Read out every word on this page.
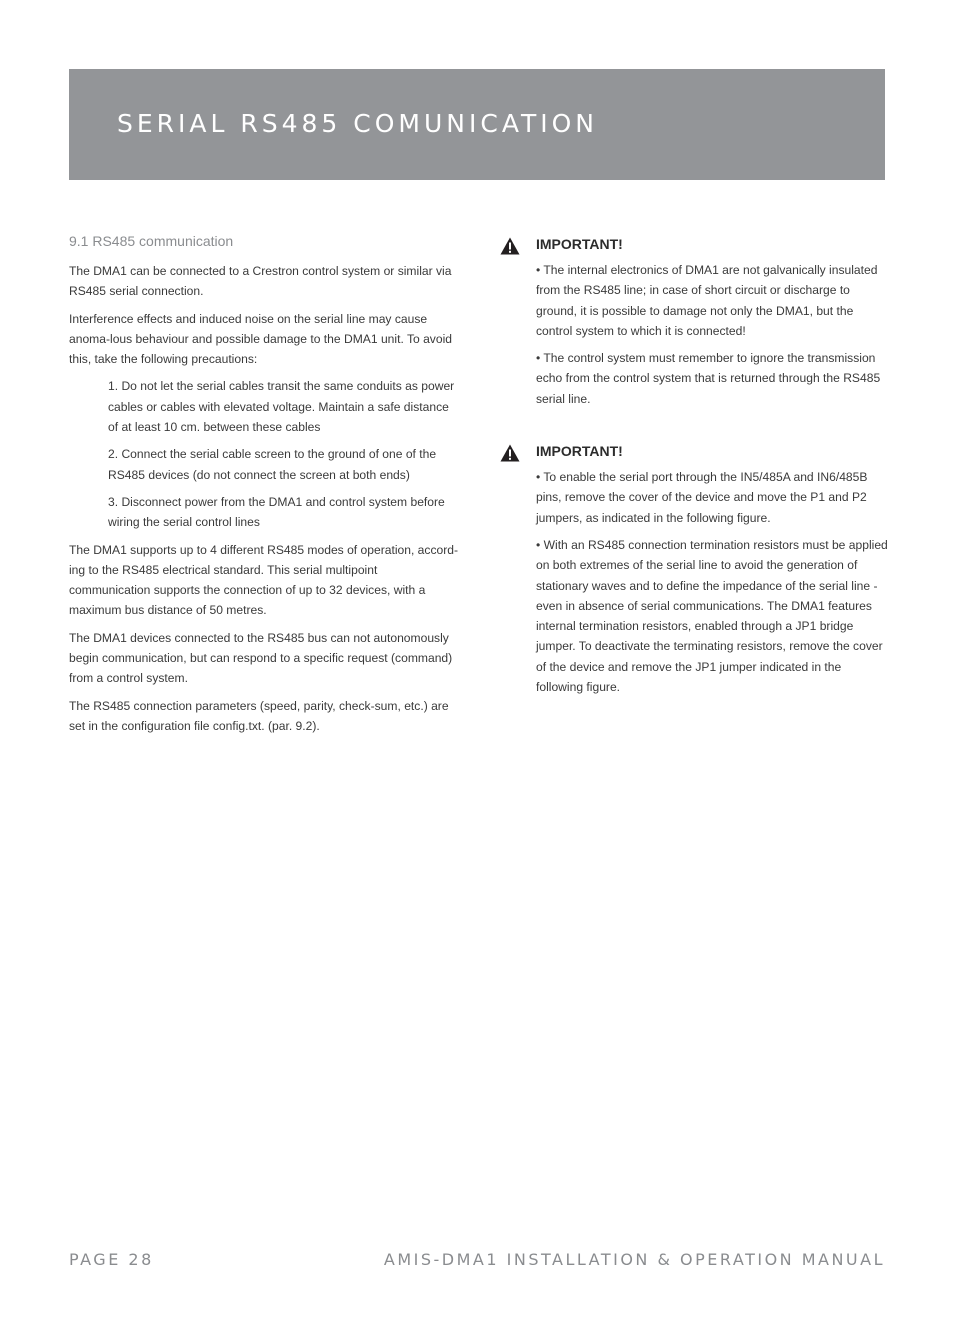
SERIAL RS485 COMUNICATION
9.1 RS485 communication

The DMA1 can be connected to a Crestron control system or similar via RS485 serial connection.

Interference effects and induced noise on the serial line may cause anoma-lous behaviour and possible damage to the DMA1 unit. To avoid this, take the following precautions:

1. Do not let the serial cables transit the same conduits as power cables or cables with elevated voltage. Maintain a safe distance of at least 10 cm. between these cables

2. Connect the serial cable screen to the ground of one of the RS485 devices (do not connect the screen at both ends)

3. Disconnect power from the DMA1 and control system before wiring the serial control lines

The DMA1 supports up to 4 different RS485 modes of operation, accord-ing to the RS485 electrical standard. This serial multipoint communication supports the connection of up to 32 devices, with a maximum bus distance of 50 metres.

The DMA1 devices connected to the RS485 bus can not autonomously begin communication, but can respond to a specific request (command) from a control system.

The RS485 connection parameters (speed, parity, check-sum, etc.) are set in the configuration file config.txt. (par. 9.2).

IMPORTANT!

• The internal electronics of DMA1 are not galvanically insulated from the RS485 line; in case of short circuit or discharge to ground, it is possible to damage not only the DMA1, but the control system to which it is connected!

• The control system must remember to ignore the transmission echo from the control system that is returned through the RS485 serial line.

IMPORTANT!

• To enable the serial port through the IN5/485A and IN6/485B pins, remove the cover of the device and move the P1 and P2 jumpers, as indicated in the following figure.

• With an RS485 connection termination resistors must be applied on both extremes of the serial line to avoid the generation of stationary waves and to define the impedance of the serial line - even in absence of serial communications. The DMA1 features internal termination resistors, enabled through a JP1 bridge jumper. To deactivate the terminating resistors, remove the cover of the device and remove the JP1 jumper indicated in the following figure.

PAGE 28	AMIS-DMA1 INSTALLATION & OPERATION MANUAL
